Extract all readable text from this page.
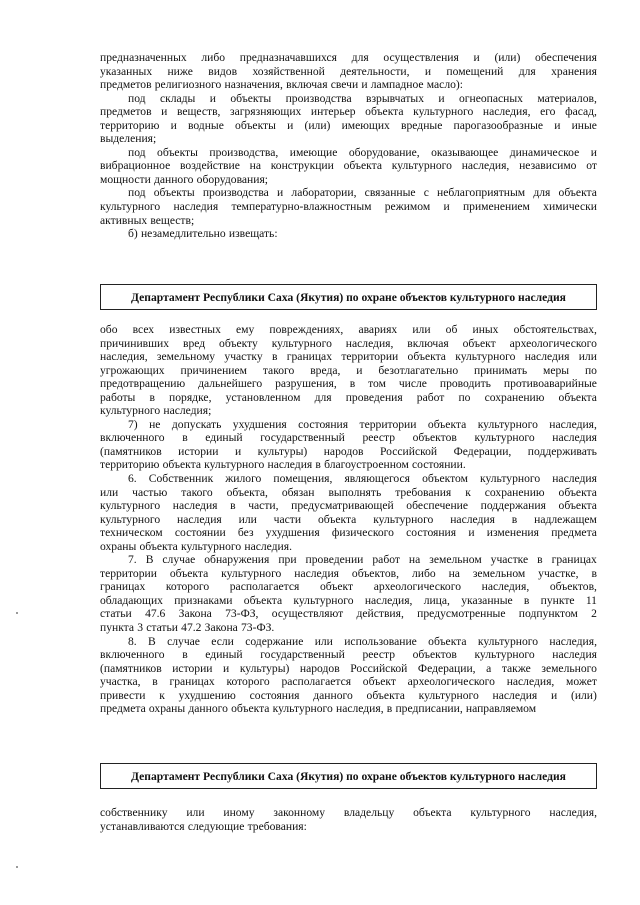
предназначенных либо предназначавшихся для осуществления и (или) обеспечения
указанных ниже видов хозяйственной деятельности, и помещений для хранения
предметов религиозного назначения, включая свечи и лампадное масло):
под склады и объекты производства взрывчатых и огнеопасных материалов,
предметов и веществ, загрязняющих интерьер объекта культурного наследия, его фасад,
территорию и водные объекты и (или) имеющих вредные парогазообразные и иные
выделения;
под объекты производства, имеющие оборудование, оказывающее динамическое и
вибрационное воздействие на конструкции объекта культурного наследия, независимо от
мощности данного оборудования;
под объекты производства и лаборатории, связанные с неблагоприятным для объекта
культурного наследия температурно-влажностным режимом и применением химически
активных веществ;
б) незамедлительно извещать:
Департамент Республики Саха (Якутия) по охране объектов культурного наследия
обо всех известных ему повреждениях, авариях или об иных обстоятельствах,
причинивших вред объекту культурного наследия, включая объект археологического
наследия, земельному участку в границах территории объекта культурного наследия или
угрожающих причинением такого вреда, и безотлагательно принимать меры по
предотвращению дальнейшего разрушения, в том числе проводить противоаварийные
работы в порядке, установленном для проведения работ по сохранению объекта
культурного наследия;
7) не допускать ухудшения состояния территории объекта культурного наследия,
включенного в единый государственный реестр объектов культурного наследия
(памятников истории и культуры) народов Российской Федерации, поддерживать
территорию объекта культурного наследия в благоустроенном состоянии.
6. Собственник жилого помещения, являющегося объектом культурного наследия
или частью такого объекта, обязан выполнять требования к сохранению объекта
культурного наследия в части, предусматривающей обеспечение поддержания объекта
культурного наследия или части объекта культурного наследия в надлежащем
техническом состоянии без ухудшения физического состояния и изменения предмета
охраны объекта культурного наследия.
7. В случае обнаружения при проведении работ на земельном участке в границах
территории объекта культурного наследия объектов, либо на земельном участке, в
границах которого располагается объект археологического наследия, объектов,
обладающих признаками объекта культурного наследия, лица, указанные в пункте 11
статьи 47.6 Закона 73-ФЗ, осуществляют действия, предусмотренные подпунктом 2
пункта 3 статьи 47.2 Закона 73-ФЗ.
8. В случае если содержание или использование объекта культурного наследия,
включенного в единый государственный реестр объектов культурного наследия
(памятников истории и культуры) народов Российской Федерации, а также земельного
участка, в границах которого располагается объект археологического наследия, может
привести к ухудшению состояния данного объекта культурного наследия и (или)
предмета охраны данного объекта культурного наследия, в предписании, направляемом
Департамент Республики Саха (Якутия) по охране объектов культурного наследия
собственнику или иному законному владельцу объекта культурного наследия,
устанавливаются следующие требования:
